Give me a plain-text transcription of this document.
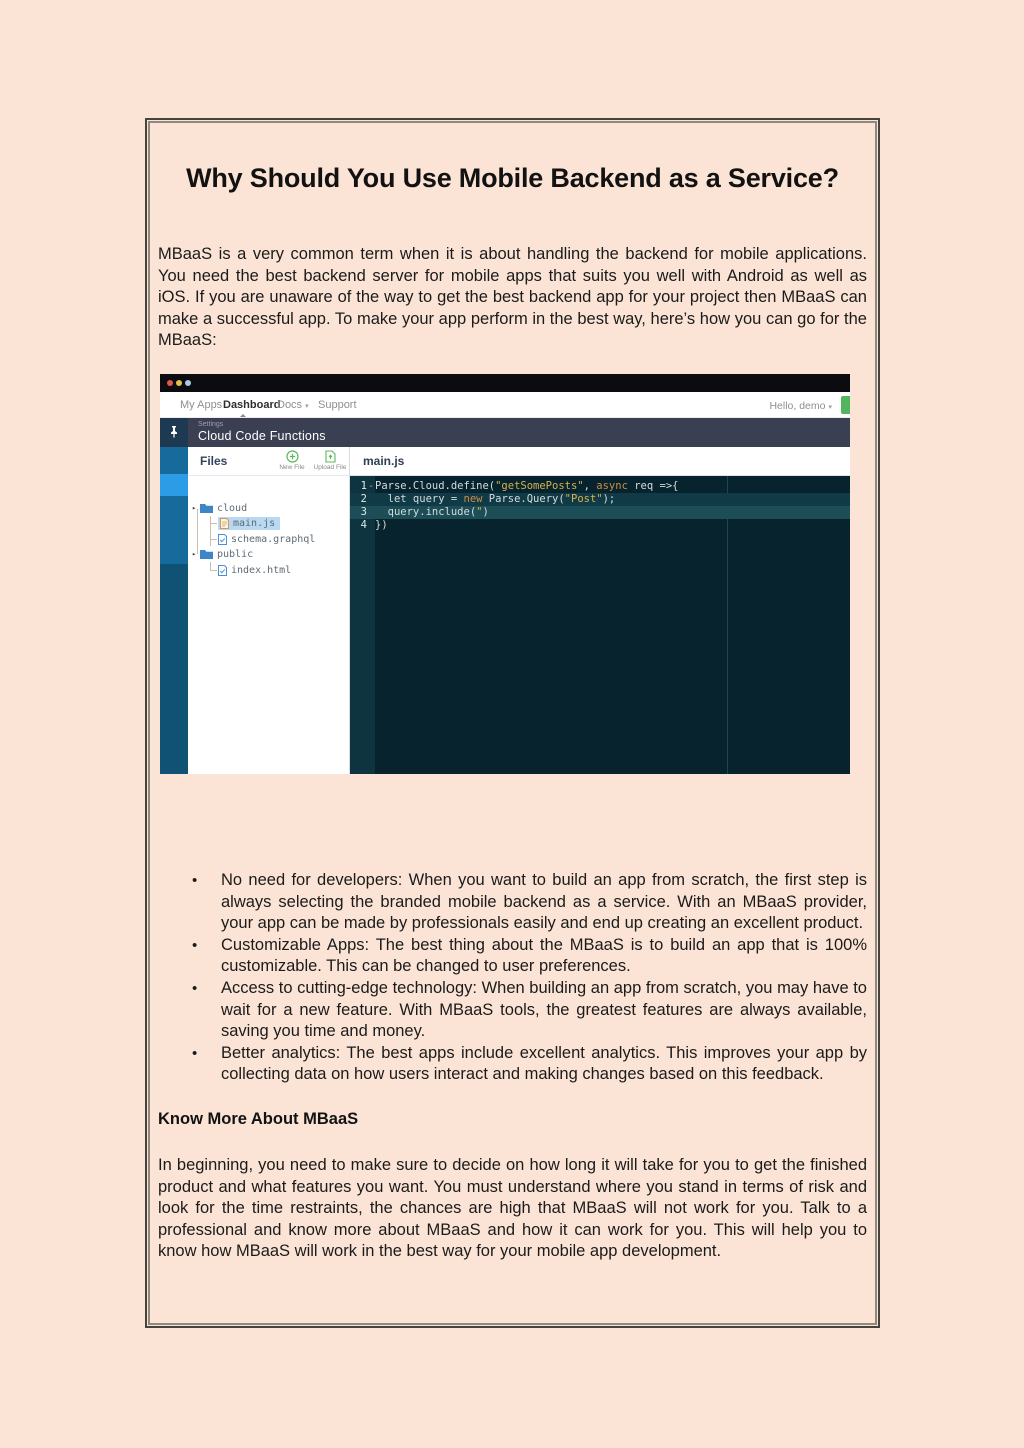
Why Should You Use Mobile Backend as a Service?

MBaaS is a very common term when it is about handling the backend for mobile applications. You need the best backend server for mobile apps that suits you well with Android as well as iOS. If you are unaware of the way to get the best backend app for your project then MBaaS can make a successful app. To make your app perform in the best way, here’s how you can go for the MBaaS:

My Apps Dashboard
Docs ▾ Support	Hello, demo ▾
Settings
Cloud Code Functions
Files	New File	Upload File
▸	cloud
main.js
schema.graphql
▸	public
index.html
main.js
1-Parse.Cloud.define("getSomePosts", async req =>{
2  let query = new Parse.Query("Post");
3  query.include(")
4 })
•	No need for developers: When you want to build an app from scratch, the first step is always selecting the branded mobile backend as a service. With an MBaaS provider, your app can be made by professionals easily and end up creating an excellent product.
•	Customizable Apps: The best thing about the MBaaS is to build an app that is 100% customizable. This can be changed to user preferences.
•	Access to cutting-edge technology: When building an app from scratch, you may have to wait for a new feature. With MBaaS tools, the greatest features are always available, saving you time and money.
•	Better analytics: The best apps include excellent analytics. This improves your app by collecting data on how users interact and making changes based on this feedback.
Know More About MBaaS

In beginning, you need to make sure to decide on how long it will take for you to get the finished product and what features you want. You must understand where you stand in terms of risk and look for the time restraints, the chances are high that MBaaS will not work for you. Talk to a professional and know more about MBaaS and how it can work for you. This will help you to know how MBaaS will work in the best way for your mobile app development.
